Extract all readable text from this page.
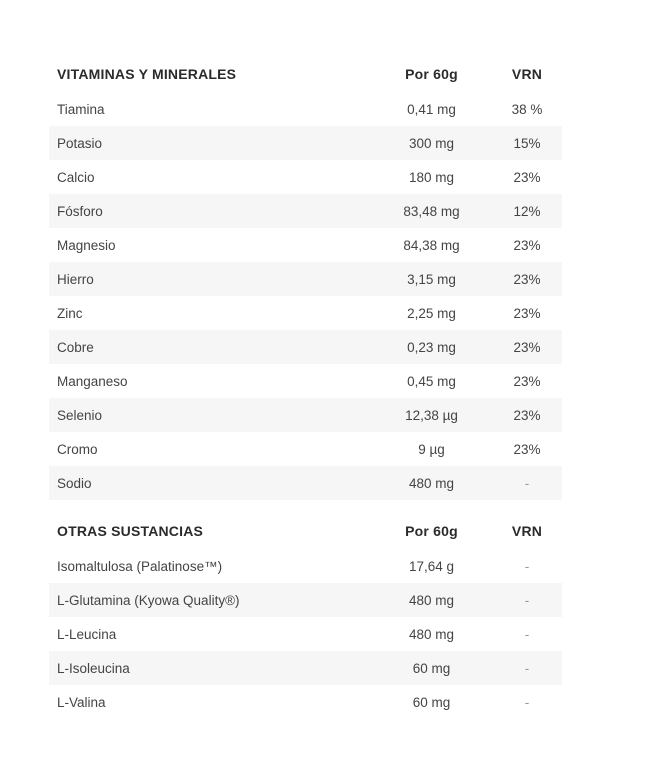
VITAMINAS Y MINERALES	Por 60g	VRN
Tiamina	0,41 mg	38 %
Potasio	300 mg	15%
Calcio	180 mg	23%
Fósforo	83,48 mg	12%
Magnesio	84,38 mg	23%
Hierro	3,15 mg	23%
Zinc	2,25 mg	23%
Cobre	0,23 mg	23%
Manganeso	0,45 mg	23%
Selenio	12,38 µg	23%
Cromo	9 µg	23%
Sodio	480 mg	-
OTRAS SUSTANCIAS	Por 60g	VRN
Isomaltulosa (Palatinose™)	17,64 g	-
L-Glutamina (Kyowa Quality®)	480 mg	-
L-Leucina	480 mg	-
L-Isoleucina	60 mg	-
L-Valina	60 mg	-
